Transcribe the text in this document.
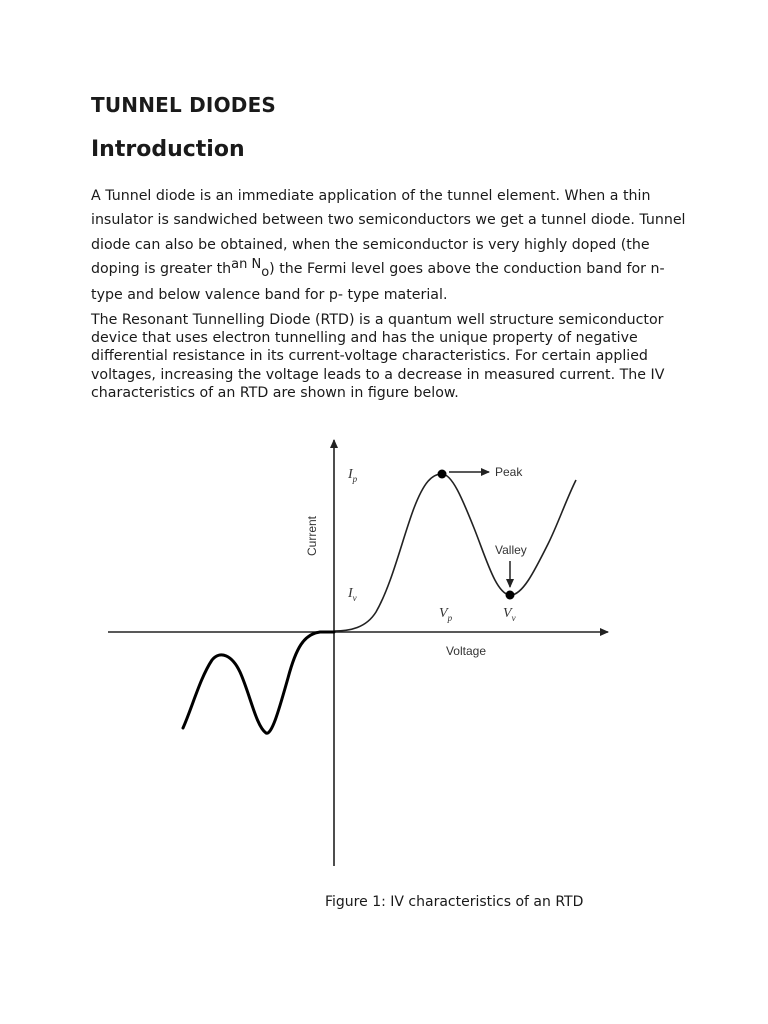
TUNNEL DIODES
Introduction

A Tunnel diode is an immediate application of the tunnel element. When a thin insulator is sandwiched between two semiconductors we get a tunnel diode. Tunnel diode can also be obtained, when the semiconductor is very highly doped (the doping is greater than No) the Fermi level goes above the conduction band for n-type and below valence band for p- type material.

The Resonant Tunnelling Diode (RTD) is a quantum well structure semiconductor device that uses electron tunnelling and has the unique property of negative differential resistance in its current-voltage characteristics. For certain applied voltages, increasing the voltage leads to a decrease in measured current. The IV characteristics of an RTD are shown in figure below.

Peak
Valley
Current
Voltage
$I_p$
$I_v$
$V_p$	$V_v$

Figure 1: IV characteristics of an RTD
